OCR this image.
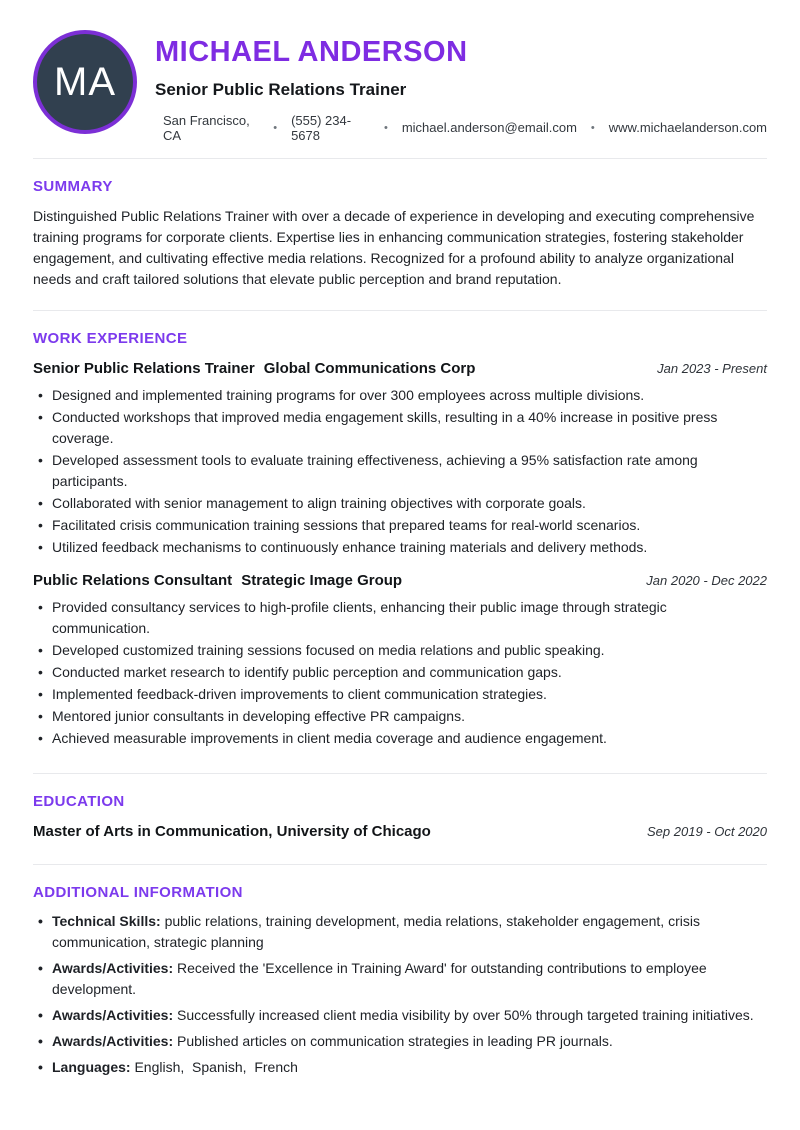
MA
MICHAEL ANDERSON
Senior Public Relations Trainer
San Francisco, CA	• (555) 234-5678	• michael.anderson@email.com • www.michaelanderson.com
SUMMARY

Distinguished Public Relations Trainer with over a decade of experience in developing and executing comprehensive training programs for corporate clients. Expertise lies in enhancing communication strategies, fostering stakeholder engagement, and cultivating effective media relations. Recognized for a profound ability to analyze organizational needs and craft tailored solutions that elevate public perception and brand reputation.

WORK EXPERIENCE
Senior Public Relations Trainer Global Communications Corp	Jan 2023 - Present
• Designed and implemented training programs for over 300 employees across multiple divisions.
• Conducted workshops that improved media engagement skills, resulting in a 40% increase in positive press coverage.
• Developed assessment tools to evaluate training effectiveness, achieving a 95% satisfaction rate among participants.
• Collaborated with senior management to align training objectives with corporate goals.
• Facilitated crisis communication training sessions that prepared teams for real-world scenarios.
• Utilized feedback mechanisms to continuously enhance training materials and delivery methods.
Public Relations Consultant Strategic Image Group	Jan 2020 - Dec 2022
• Provided consultancy services to high-profile clients, enhancing their public image through strategic communication.
• Developed customized training sessions focused on media relations and public speaking.
• Conducted market research to identify public perception and communication gaps.
• Implemented feedback-driven improvements to client communication strategies.
• Mentored junior consultants in developing effective PR campaigns.
• Achieved measurable improvements in client media coverage and audience engagement.
EDUCATION
Master of Arts in Communication, University of Chicago	Sep 2019 - Oct 2020
ADDITIONAL INFORMATION
• Technical Skills: public relations, training development, media relations, stakeholder engagement, crisis communication, strategic planning
• Awards/Activities: Received the 'Excellence in Training Award' for outstanding contributions to employee development.
• Awards/Activities: Successfully increased client media visibility by over 50% through targeted training initiatives.
• Awards/Activities: Published articles on communication strategies in leading PR journals.
• Languages: English,  Spanish,  French
